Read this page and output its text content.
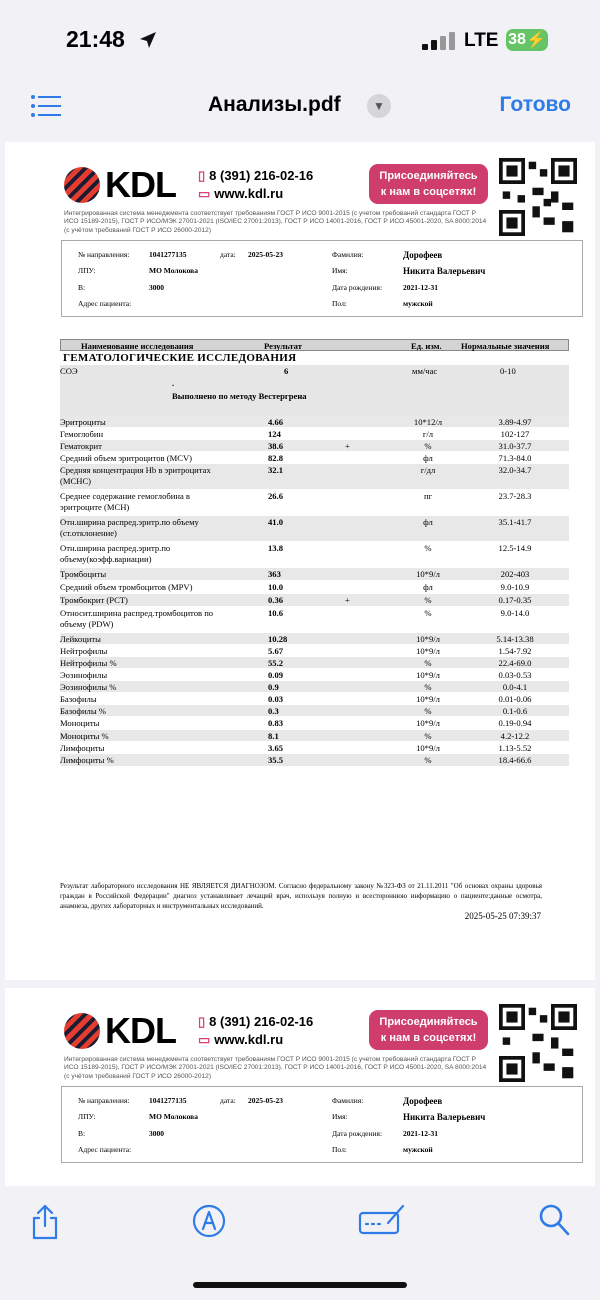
21:48	LTE 38 ⚡
Анализы.pdf	▼	Готово
KDL ▯ 8 (391) 216-02-16
▭ www.kdl.ru
Присоединяйтесь
к нам в соцсетях!
Интегрированная система менеджмента соответствует требованиям ГОСТ Р ИСО 9001-2015 (с учетом требований стандарта ГОСТ Р ИСО 15189-2015), ГОСТ Р ИСО/МЭК 27001-2021 (ISO/IEC 27001:2013), ГОСТ Р ИСО 14001-2016, ГОСТ Р ИСО 45001-2020, SA 8000:2014 (с учётом требований ГОСТ Р ИСО 26000-2012)
№ направления:	1041277135	дата: 2025-05-23
ЛПУ:	МО Молокова
В:	3000
Адрес пациента:
Фамилия:	Дорофеев
Имя:	Никита Валерьевич
Дата рождения:	2021-12-31
Пол:	мужской
Наименование исследования	Результат	Ед. изм. Нормальные значения
ГЕМАТОЛОГИЧЕСКИЕ ИССЛЕДОВАНИЯ
СОЭ	6	мм/час	0-10
.
Выполнено по методу Вестергрена
Эритроциты	4.66	10*12/л	3.89-4.97
Гемоглобин	124	г/л	102-127
Гематокрит	38.6	+	%	31.0-37.7
Средний объем эритроцитов (MCV)	82.8	фл	71.3-84.0
Средняя концентрация Hb в эритроцитах (MCHC)
32.1	г/дл	32.0-34.7
Среднее содержание гемоглобина в эритроците (MCH)
26.6	пг	23.7-28.3
Отн.ширина распред.эритр.по объему (ст.отклонение)
41.0	фл	35.1-41.7
Отн.ширина распред.эритр.по объему(коэфф.вариации)
13.8	%	12.5-14.9
Тромбоциты	363	10*9/л	202-403
Средний объем тромбоцитов (MPV)	10.0	фл	9.0-10.9
Тромбокрит (PCT)	0.36	+	%	0.17-0.35
Относит.ширина распред.тромбоцитов по объему (PDW)
10.6	%	9.0-14.0
Лейкоциты	10.28	10*9/л	5.14-13.38
Нейтрофилы	5.67	10*9/л	1.54-7.92
Нейтрофилы %	55.2	%	22.4-69.0
Эозинофилы	0.09	10*9/л	0.03-0.53
Эозинофилы %	0.9	%	0.0-4.1
Базофилы	0.03	10*9/л	0.01-0.06
Базофилы %	0.3	%	0.1-0.6
Моноциты	0.83	10*9/л	0.19-0.94
Моноциты %	8.1	%	4.2-12.2
Лимфоциты	3.65	10*9/л	1.13-5.52
Лимфоциты %	35.5	%	18.4-66.6
Результат лабораторного исследования НЕ ЯВЛЯЕТСЯ ДИАГНОЗОМ. Согласно федеральному закону №323-ФЗ от 21.11.2011 "Об основах охраны здоровья граждан в Российской Федерации" диагноз устанавливает лечащий врач, используя полную и всестороннюю информацию о пациенте:данные осмотра, анамнеза, других лабораторных и инструментальных исследований.
2025-05-25 07:39:37
KDL ▯ 8 (391) 216-02-16
▭ www.kdl.ru
Присоединяйтесь
к нам в соцсетях!
Интегрированная система менеджмента соответствует требованиям ГОСТ Р ИСО 9001-2015 (с учетом требований стандарта ГОСТ Р ИСО 15189-2015), ГОСТ Р ИСО/МЭК 27001-2021 (ISO/IEC 27001:2013), ГОСТ Р ИСО 14001-2016, ГОСТ Р ИСО 45001-2020, SA 8000:2014 (с учётом требований ГОСТ Р ИСО 26000-2012)
№ направления:	1041277135	дата: 2025-05-23
ЛПУ:	МО Молокова
В:	3000
Адрес пациента:
Фамилия:	Дорофеев
Имя:	Никита Валерьевич
Дата рождения:	2021-12-31
Пол:	мужской
